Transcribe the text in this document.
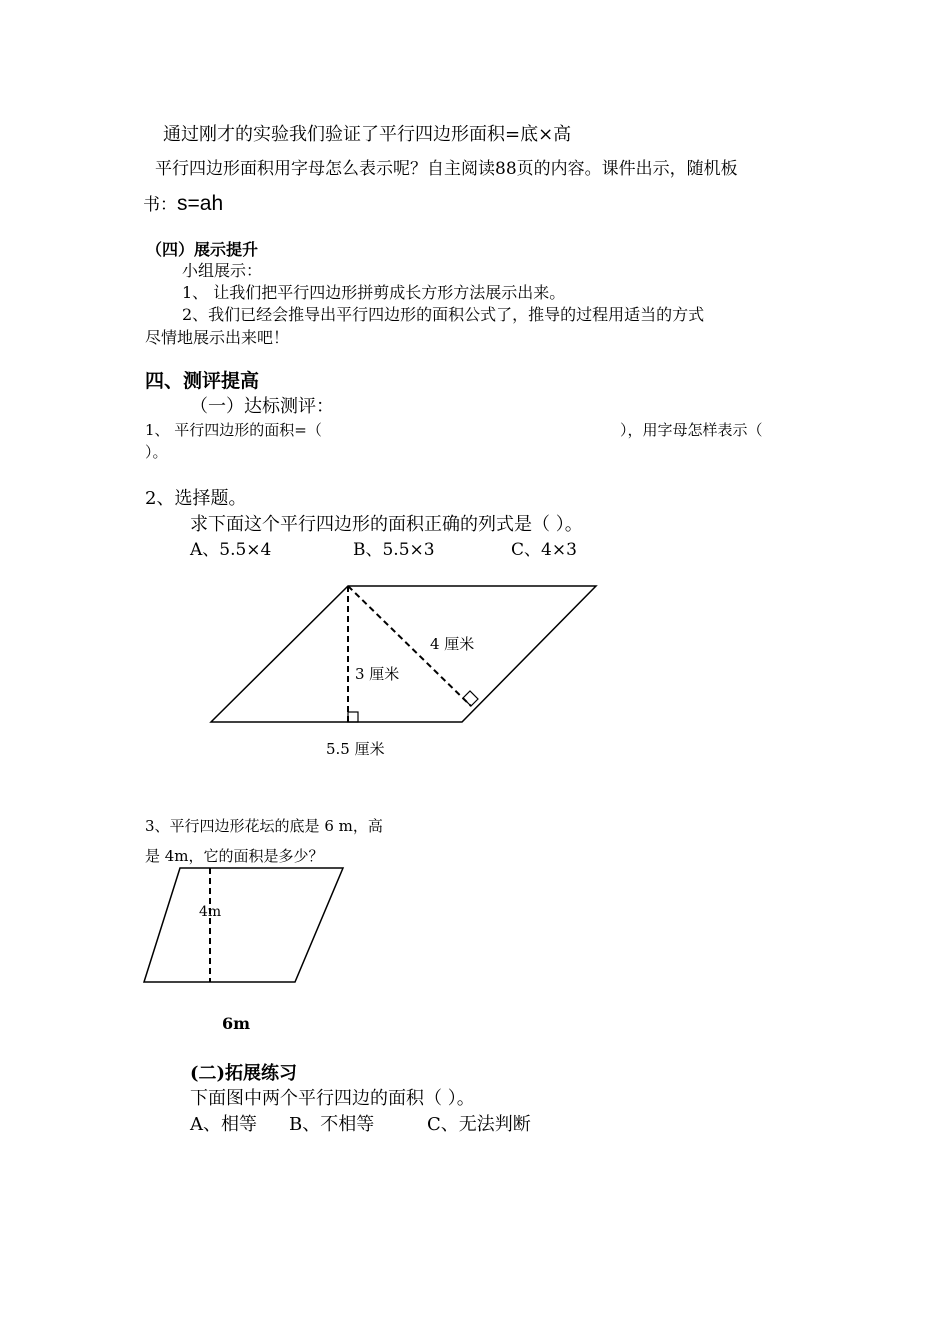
通过刚才的实验我们验证了平行四边形面积=底×高
平行四边形面积用字母怎么表示呢？自主阅读88页的内容。课件出示，随机板
书：s=ah
（四）展示提升
小组展示：
1、 让我们把平行四边形拼剪成长方形方法展示出来。
2、我们已经会推导出平行四边形的面积公式了，推导的过程用适当的方式
尽情地展示出来吧！
四、测评提高
（一）达标测评：
1、 平行四边形的面积=（	），用字母怎样表示（
）。
2、选择题。
求下面这个平行四边形的面积正确的列式是（ ）。
A、5.5×4	B、5.5×3	C、4×3
3 厘米
4 厘米
5.5 厘米
4m
3、平行四边形花坛的底是 6 m，高
是 4m，它的面积是多少？
6m
(二)拓展练习
下面图中两个平行四边的面积（ ）。
A、相等 B、不相等	C、无法判断
